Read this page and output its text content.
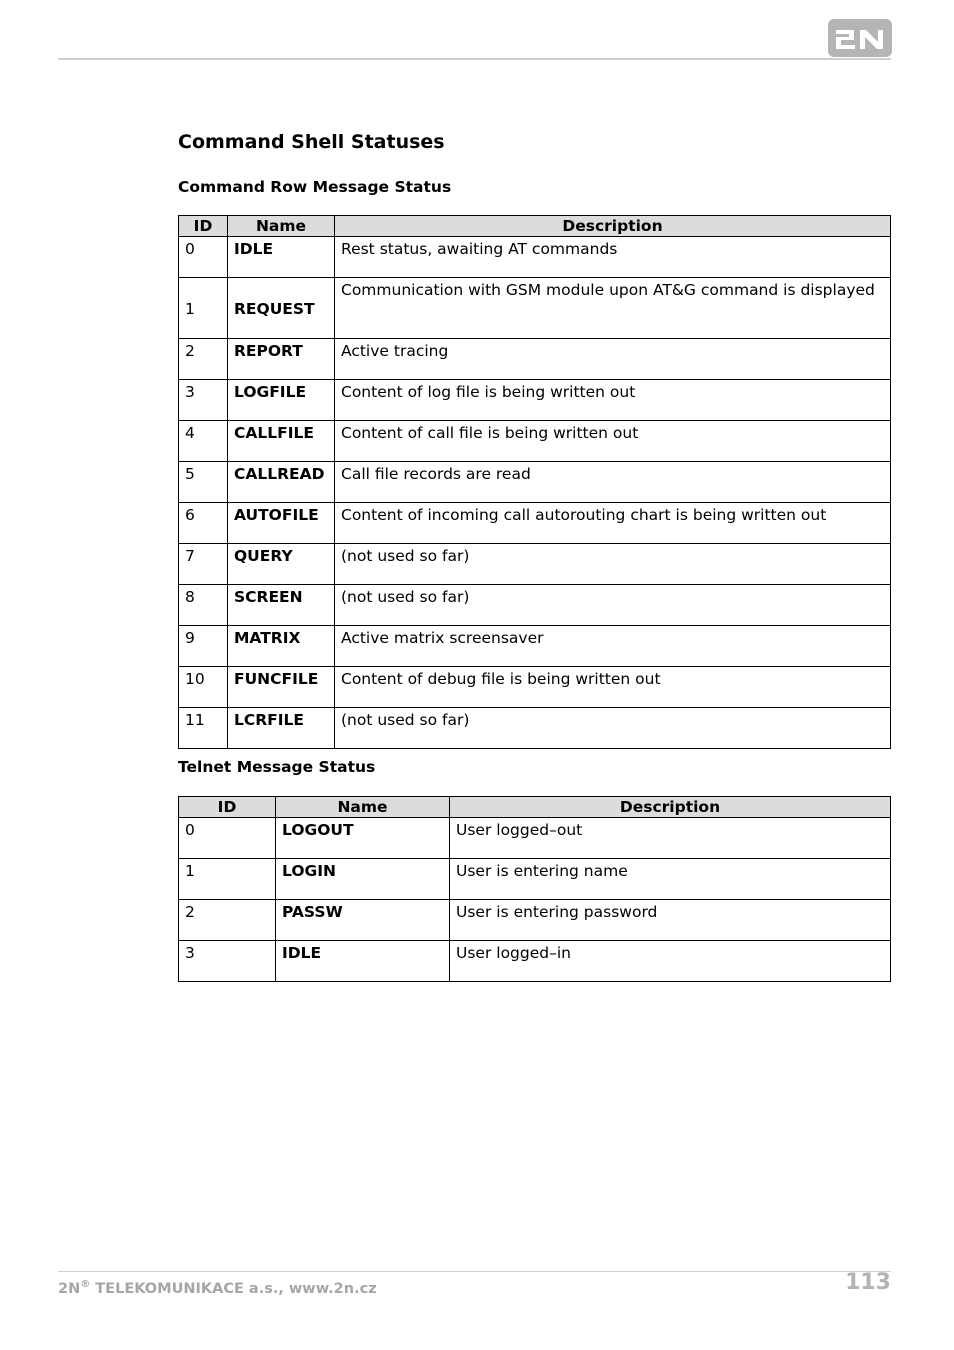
Command Shell Statuses
Command Row Message Status
ID	Name	Description
0	IDLE	Rest status, awaiting AT commands
1	REQUEST	Communication with GSM module upon AT&G command is displayed
2	REPORT	Active tracing
3	LOGFILE	Content of log file is being written out
4	CALLFILE	Content of call file is being written out
5	CALLREAD	Call file records are read
6	AUTOFILE	Content of incoming call autorouting chart is being written out
7	QUERY	(not used so far)
8	SCREEN	(not used so far)
9	MATRIX	Active matrix screensaver
10	FUNCFILE	Content of debug file is being written out
11	LCRFILE	(not used so far)
Telnet Message Status
ID	Name	Description
0	LOGOUT	User logged–out
1	LOGIN	User is entering name
2	PASSW	User is entering password
3	IDLE	User logged–in
2N® TELEKOMUNIKACE a.s., www.2n.cz	113
